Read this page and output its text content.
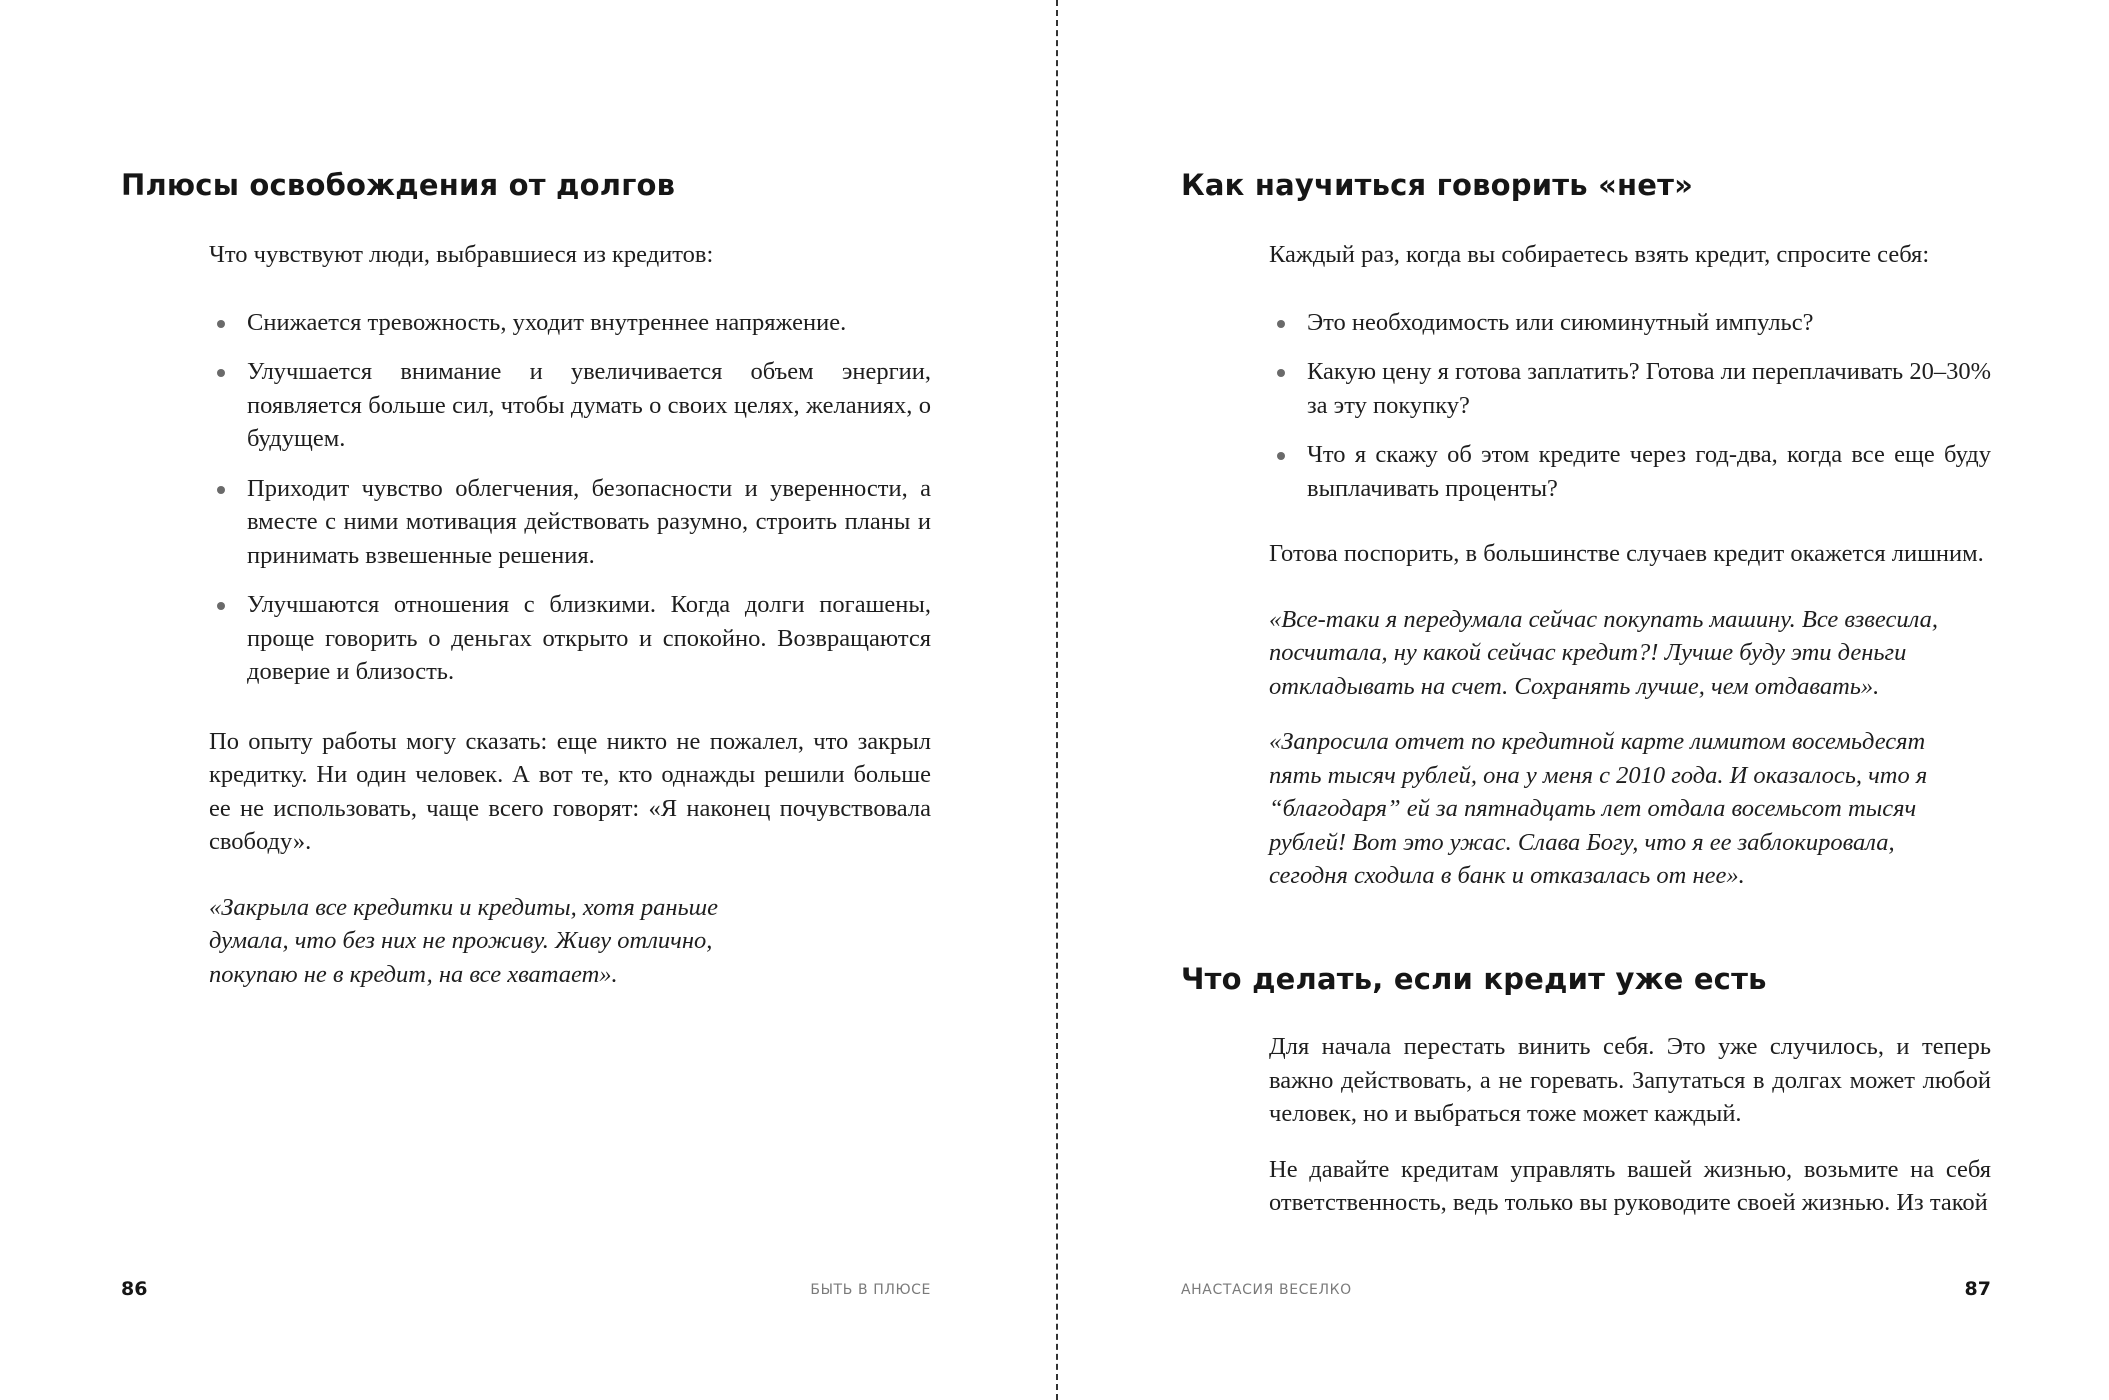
Плюсы освобождения от долгов

Что чувствуют люди, выбравшиеся из кредитов:

Снижается тревожность, уходит внутреннее напряжение.
Улучшается внимание и увеличивается объем энергии, появляется больше сил, чтобы думать о своих целях, желаниях, о будущем.
Приходит чувство облегчения, безопасности и уверенности, а вместе с ними мотивация действовать разумно, строить планы и принимать взвешенные решения.
Улучшаются отношения с близкими. Когда долги погашены, проще говорить о деньгах открыто и спокойно. Возвращаются доверие и близость.

По опыту работы могу сказать: еще никто не пожалел, что закрыл кредитку. Ни один человек. А вот те, кто однажды решили больше ее не использовать, чаще всего говорят: «Я наконец почувствовала свободу».

«Закрыла все кредитки и кредиты, хотя раньше думала, что без них не проживу. Живу отлично, покупаю не в кредит, на все хватает».

86	БЫТЬ В ПЛЮСЕ
Как научиться говорить «нет»

Каждый раз, когда вы собираетесь взять кредит, спросите себя:

Это необходимость или сиюминутный импульс?
Какую цену я готова заплатить? Готова ли переплачивать 20–30% за эту покупку?
Что я скажу об этом кредите через год-два, когда все еще буду выплачивать проценты?

Готова поспорить, в большинстве случаев кредит окажется лишним.

«Все-таки я передумала сейчас покупать машину. Все взвесила, посчитала, ну какой сейчас кредит?! Лучше буду эти деньги откладывать на счет. Сохранять лучше, чем отдавать».

«Запросила отчет по кредитной карте лимитом восемьдесят пять тысяч рублей, она у меня с 2010 года. И оказалось, что я “благодаря” ей за пятнадцать лет отдала восемьсот тысяч рублей! Вот это ужас. Слава Богу, что я ее заблокировала, сегодня сходила в банк и отказалась от нее».

Что делать, если кредит уже есть

Для начала перестать винить себя. Это уже случилось, и теперь важно действовать, а не горевать. Запутаться в долгах может любой человек, но и выбраться тоже может каждый.

Не давайте кредитам управлять вашей жизнью, возьмите на себя ответственность, ведь только вы руководите своей жизнью. Из такой

АНАСТАСИЯ ВЕСЕЛКО	87
